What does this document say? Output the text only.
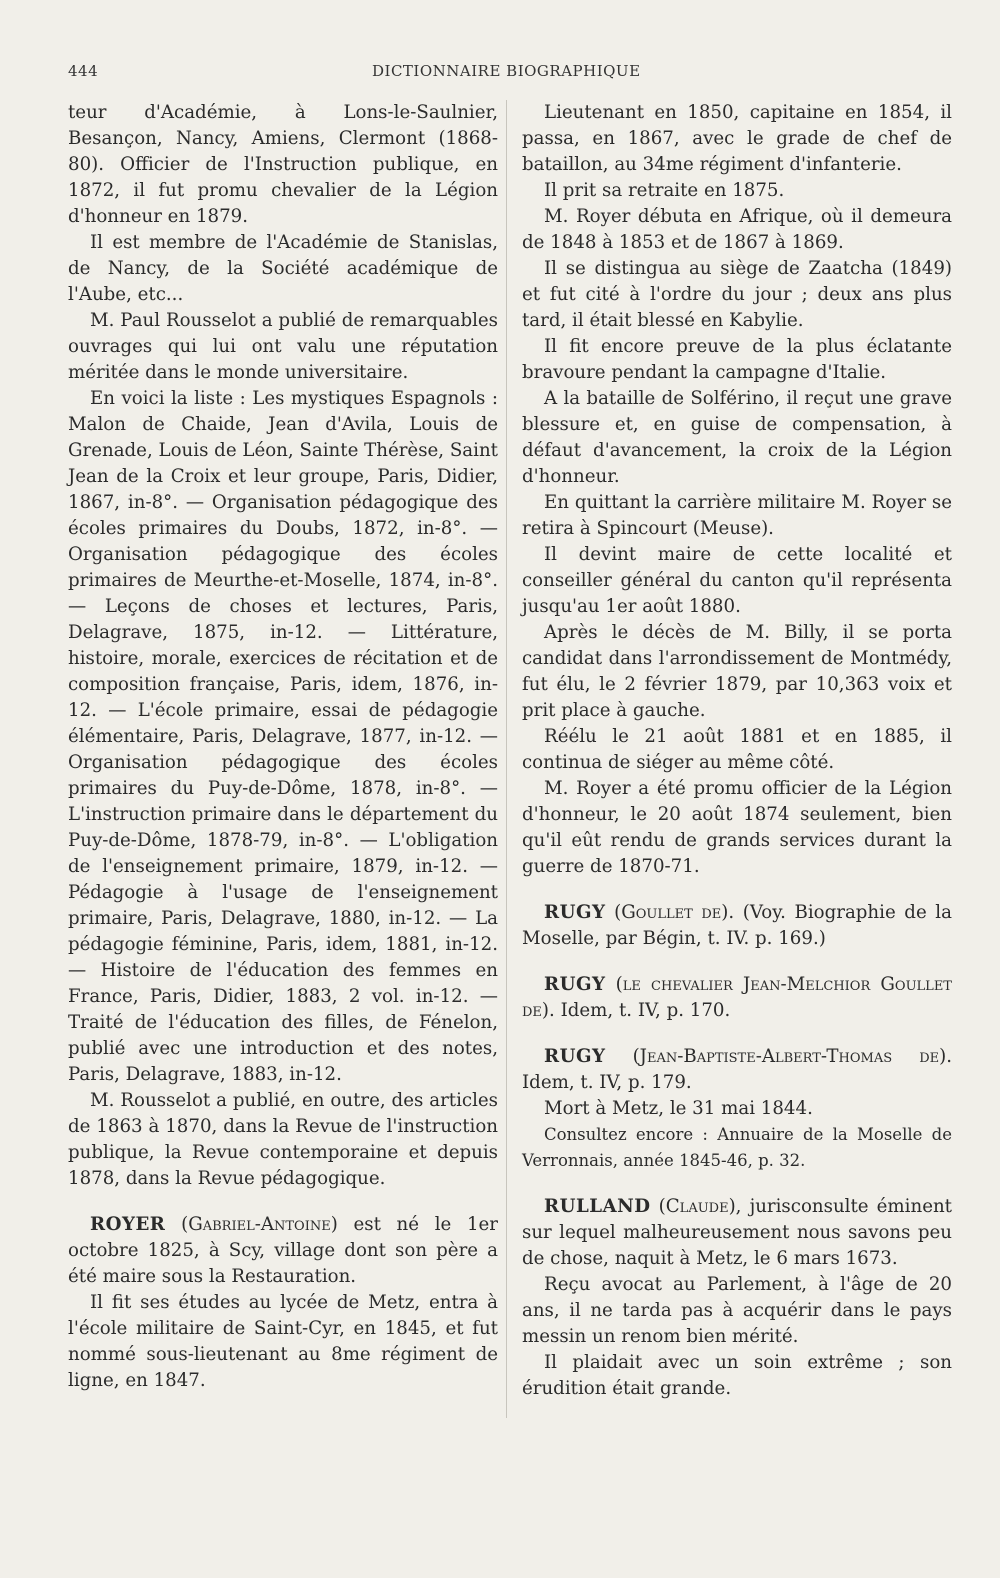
444	DICTIONNAIRE BIOGRAPHIQUE

teur d'Académie, à Lons-le-Saulnier, Besançon, Nancy, Amiens, Clermont (1868-80). Officier de l'Instruction publique, en 1872, il fut promu chevalier de la Légion d'honneur en 1879.

Il est membre de l'Académie de Stanislas, de Nancy, de la Société académique de l'Aube, etc...

M. Paul Rousselot a publié de remarquables ouvrages qui lui ont valu une réputation méritée dans le monde universitaire.

En voici la liste : Les mystiques Espagnols : Malon de Chaide, Jean d'Avila, Louis de Grenade, Louis de Léon, Sainte Thérèse, Saint Jean de la Croix et leur groupe, Paris, Didier, 1867, in-8°. — Organisation pédagogique des écoles primaires du Doubs, 1872, in-8°. — Organisation pédagogique des écoles primaires de Meurthe-et-Moselle, 1874, in-8°. — Leçons de choses et lectures, Paris, Delagrave, 1875, in-12. — Littérature, histoire, morale, exercices de récitation et de composition française, Paris, idem, 1876, in-12. — L'école primaire, essai de pédagogie élémentaire, Paris, Delagrave, 1877, in-12. — Organisation pédagogique des écoles primaires du Puy-de-Dôme, 1878, in-8°. — L'instruction primaire dans le département du Puy-de-Dôme, 1878-79, in-8°. — L'obligation de l'enseignement primaire, 1879, in-12. — Pédagogie à l'usage de l'enseignement primaire, Paris, Delagrave, 1880, in-12. — La pédagogie féminine, Paris, idem, 1881, in-12. — Histoire de l'éducation des femmes en France, Paris, Didier, 1883, 2 vol. in-12. — Traité de l'éducation des filles, de Fénelon, publié avec une introduction et des notes, Paris, Delagrave, 1883, in-12.

M. Rousselot a publié, en outre, des articles de 1863 à 1870, dans la Revue de l'instruction publique, la Revue contemporaine et depuis 1878, dans la Revue pédagogique.

ROYER (Gabriel-Antoine) est né le 1er octobre 1825, à Scy, village dont son père a été maire sous la Restauration.

Il fit ses études au lycée de Metz, entra à l'école militaire de Saint-Cyr, en 1845, et fut nommé sous-lieutenant au 8me régiment de ligne, en 1847.

Lieutenant en 1850, capitaine en 1854, il passa, en 1867, avec le grade de chef de bataillon, au 34me régiment d'infanterie.

Il prit sa retraite en 1875.

M. Royer débuta en Afrique, où il demeura de 1848 à 1853 et de 1867 à 1869.

Il se distingua au siège de Zaatcha (1849) et fut cité à l'ordre du jour ; deux ans plus tard, il était blessé en Kabylie.

Il fit encore preuve de la plus éclatante bravoure pendant la campagne d'Italie.

A la bataille de Solférino, il reçut une grave blessure et, en guise de compensation, à défaut d'avancement, la croix de la Légion d'honneur.

En quittant la carrière militaire M. Royer se retira à Spincourt (Meuse).

Il devint maire de cette localité et conseiller général du canton qu'il représenta jusqu'au 1er août 1880.

Après le décès de M. Billy, il se porta candidat dans l'arrondissement de Montmédy, fut élu, le 2 février 1879, par 10,363 voix et prit place à gauche.

Réélu le 21 août 1881 et en 1885, il continua de siéger au même côté.

M. Royer a été promu officier de la Légion d'honneur, le 20 août 1874 seulement, bien qu'il eût rendu de grands services durant la guerre de 1870-71.

RUGY (Goullet de). (Voy. Biographie de la Moselle, par Bégin, t. IV. p. 169.)

RUGY (le chevalier Jean-Melchior Goullet de). Idem, t. IV, p. 170.

RUGY (Jean-Baptiste-Albert-Thomas de). Idem, t. IV, p. 179.

Mort à Metz, le 31 mai 1844.

Consultez encore : Annuaire de la Moselle de Verronnais, année 1845-46, p. 32.

RULLAND (Claude), jurisconsulte éminent sur lequel malheureusement nous savons peu de chose, naquit à Metz, le 6 mars 1673.

Reçu avocat au Parlement, à l'âge de 20 ans, il ne tarda pas à acquérir dans le pays messin un renom bien mérité.

Il plaidait avec un soin extrême ; son érudition était grande.
